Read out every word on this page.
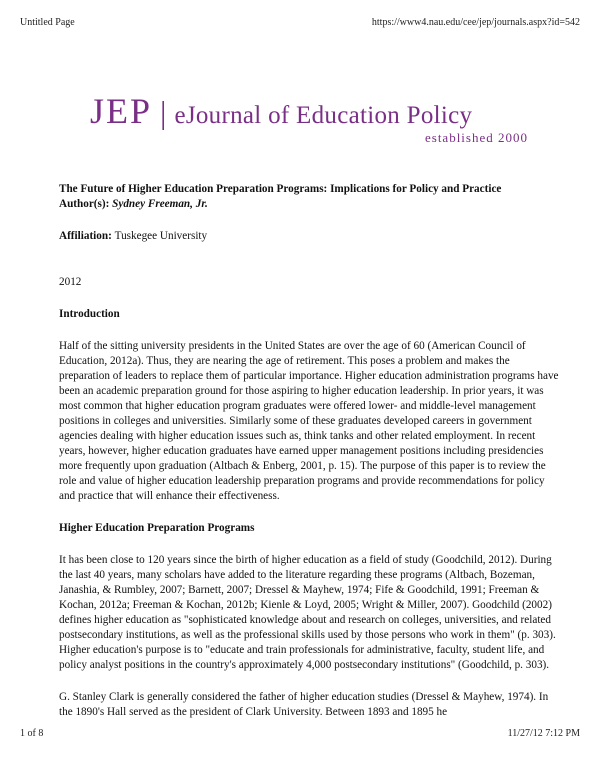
Untitled Page	https://www4.nau.edu/cee/jep/journals.aspx?id=542
JEP | eJournal of Education Policy
established 2000
The Future of Higher Education Preparation Programs: Implications for Policy and Practice
Author(s): Sydney Freeman, Jr.
Affiliation: Tuskegee University
2012
Introduction

Half of the sitting university presidents in the United States are over the age of 60 (American Council of Education, 2012a). Thus, they are nearing the age of retirement. This poses a problem and makes the preparation of leaders to replace them of particular importance. Higher education administration programs have been an academic preparation ground for those aspiring to higher education leadership. In prior years, it was most common that higher education program graduates were offered lower- and middle-level management positions in colleges and universities. Similarly some of these graduates developed careers in government agencies dealing with higher education issues such as, think tanks and other related employment. In recent years, however, higher education graduates have earned upper management positions including presidencies more frequently upon graduation (Altbach & Enberg, 2001, p. 15). The purpose of this paper is to review the role and value of higher education leadership preparation programs and provide recommendations for policy and practice that will enhance their effectiveness.

Higher Education Preparation Programs

It has been close to 120 years since the birth of higher education as a field of study (Goodchild, 2012). During the last 40 years, many scholars have added to the literature regarding these programs (Altbach, Bozeman, Janashia, & Rumbley, 2007; Barnett, 2007; Dressel & Mayhew, 1974; Fife & Goodchild, 1991; Freeman & Kochan, 2012a; Freeman & Kochan, 2012b; Kienle & Loyd, 2005; Wright & Miller, 2007). Goodchild (2002) defines higher education as "sophisticated knowledge about and research on colleges, universities, and related postsecondary institutions, as well as the professional skills used by those persons who work in them" (p. 303). Higher education's purpose is to "educate and train professionals for administrative, faculty, student life, and policy analyst positions in the country's approximately 4,000 postsecondary institutions" (Goodchild, p. 303).

G. Stanley Clark is generally considered the father of higher education studies (Dressel & Mayhew, 1974). In the 1890's Hall served as the president of Clark University. Between 1893 and 1895 he

1 of 8	11/27/12 7:12 PM
